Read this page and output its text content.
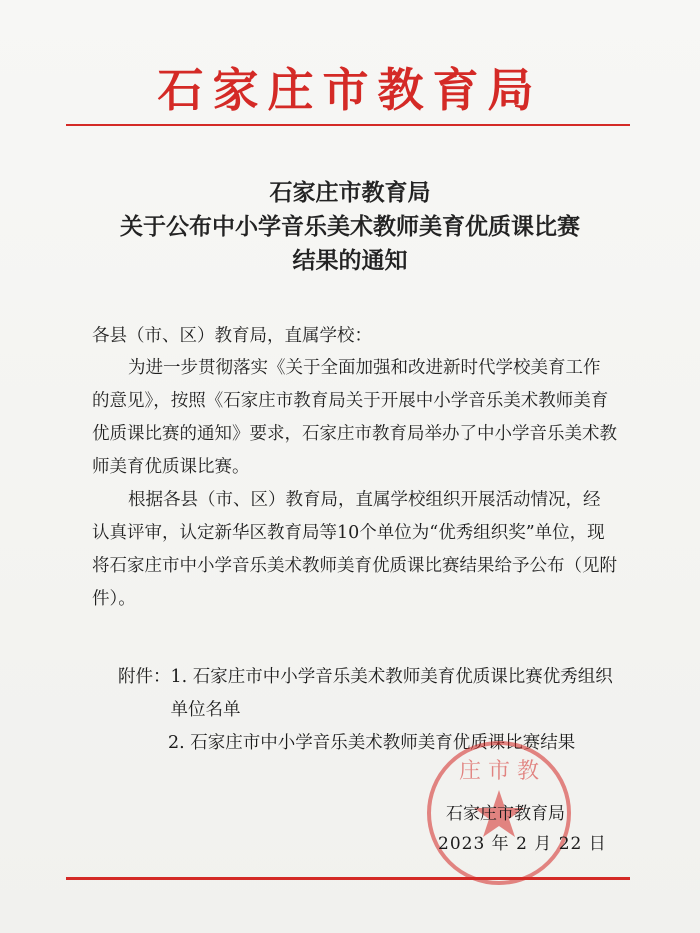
石家庄市教育局
石家庄市教育局
关于公布中小学音乐美术教师美育优质课比赛
结果的通知
各县（市、区）教育局，直属学校：
为进一步贯彻落实《关于全面加强和改进新时代学校美育工作的意见》，按照《石家庄市教育局关于开展中小学音乐美术教师美育优质课比赛的通知》要求，石家庄市教育局举办了中小学音乐美术教师美育优质课比赛。
根据各县（市、区）教育局，直属学校组织开展活动情况，经认真评审，认定新华区教育局等10个单位为“优秀组织奖”单位，现将石家庄市中小学音乐美术教师美育优质课比赛结果给予公布（见附件）。
附件： 1. 石家庄市中小学音乐美术教师美育优质课比赛优秀组织单位名单
2. 石家庄市中小学音乐美术教师美育优质课比赛结果
庄 市 教
石家庄市教育局
2023 年 2 月 22 日
